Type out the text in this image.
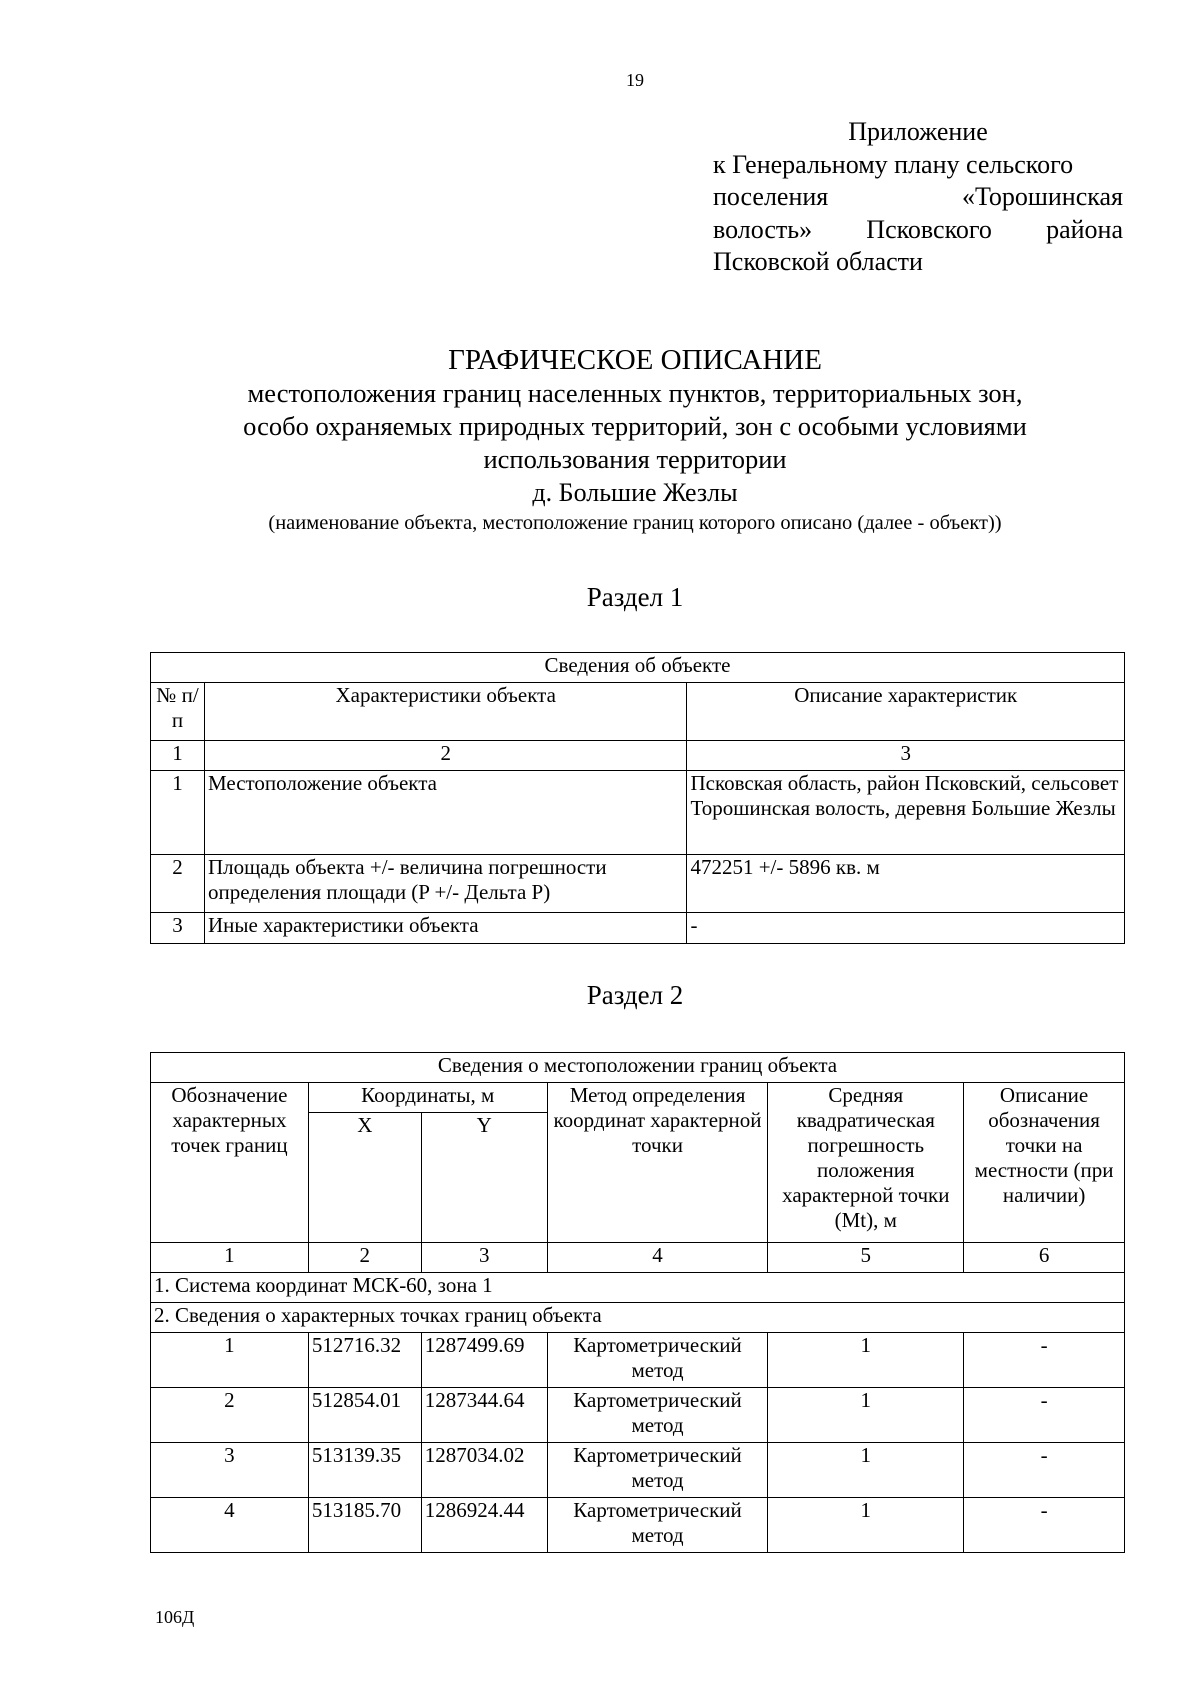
19
Приложение
к Генеральному плану сельского
поселения	«Торошинская
волость» Псковского района
Псковской области
ГРАФИЧЕСКОЕ ОПИСАНИЕ
местоположения границ населенных пунктов, территориальных зон,
особо охраняемых природных территорий, зон с особыми условиями
использования территории
д. Большие Жезлы
(наименование объекта, местоположение границ которого описано (далее - объект))
Раздел 1
Сведения об объекте		
№ п/п	Характеристики объекта	Описание характеристик
1	2	3
1	Местоположение объекта	Псковская область, район Псковский, сельсовет Торошинская волость, деревня Большие Жезлы
2	Площадь объекта +/- величина погрешности определения площади (P +/- Дельта P)	472251 +/- 5896 кв. м
3	Иные характеристики объекта	-
Раздел 2
Сведения о местоположении границ объекта					
Обозначение характерных точек границ	Координаты, м		Метод определения координат характерной точки	Средняя квадратическая погрешность положения характерной точки (Mt), м	Описание обозначения точки на местности (при наличии)
	X	Y			
1	2	3	4	5	6
1. Система координат МСК-60, зона 1					
2. Сведения о характерных точках границ объекта					
1	512716.32	1287499.69	Картометрический метод	1	-
2	512854.01	1287344.64	Картометрический метод	1	-
3	513139.35	1287034.02	Картометрический метод	1	-
4	513185.70	1286924.44	Картометрический метод	1	-
106Д
